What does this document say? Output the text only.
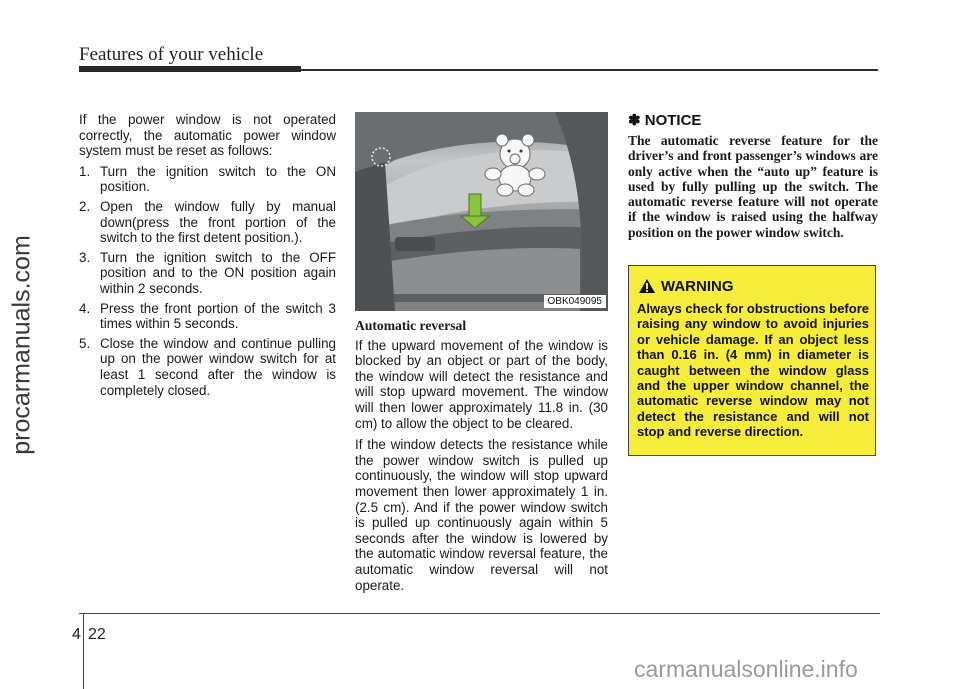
Features of your vehicle
procarmanuals.com

If the power window is not operated correctly, the automatic power window system must be reset as follows:

1. Turn the ignition switch to the ON position.
2. Open the window fully by manual down(press the front portion of the switch to the first detent position.).
3. Turn the ignition switch to the OFF position and to the ON position again within 2 seconds.
4. Press the front portion of the switch 3 times within 5 seconds.
5. Close the window and continue pulling up on the power window switch for at least 1 second after the window is completely closed.
OBK049095
Automatic reversal

If the upward movement of the window is blocked by an object or part of the body, the window will detect the resistance and will stop upward movement. The window will then lower approximately 11.8 in. (30 cm) to allow the object to be cleared.

If the window detects the resistance while the power window switch is pulled up continuously, the window will stop upward movement then lower approximately 1 in. (2.5 cm). And if the power window switch is pulled up continuously again within 5 seconds after the window is lowered by the automatic window reversal feature, the automatic window reversal will not operate.

✽ NOTICE

The automatic reverse feature for the driver’s and front passenger’s windows are only active when the “auto up” feature is used by fully pulling up the switch. The automatic reverse feature will not operate if the window is raised using the halfway position on the power window switch.

WARNING

Always check for obstructions before raising any window to avoid injuries or vehicle damage. If an object less than 0.16 in. (4 mm) in diameter is caught between the window glass and the upper window channel, the automatic reverse window may not detect the resistance and will not stop and reverse direction.

4 22
carmanualsonline.info
